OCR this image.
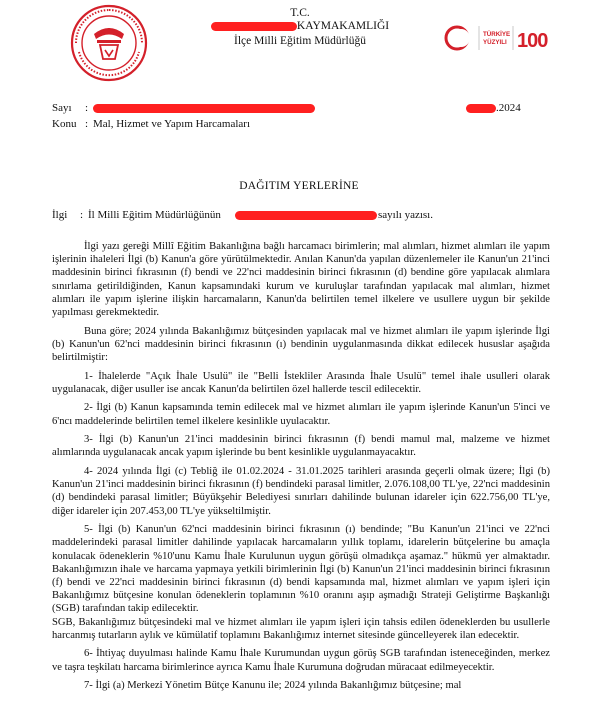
T.C.
KAYMAKAMLIĞI
İlçe Milli Eğitim Müdürlüğü
TÜRKİYE
YÜZYILI 100
Sayı :	.2024
Konu : Mal, Hizmet ve Yapım Harcamaları
DAĞITIM YERLERİNE
İlgi : İl Milli Eğitim Müdürlüğünün	sayılı yazısı.

İlgi yazı gereği Millî Eğitim Bakanlığına bağlı harcamacı birimlerin; mal alımları, hizmet alımları ile yapım işlerinin ihaleleri İlgi (b) Kanun'a göre yürütülmektedir. Anılan Kanun'da yapılan düzenlemeler ile Kanun'un 21'inci maddesinin birinci fıkrasının (f) bendi ve 22'nci maddesinin birinci fıkrasının (d) bendine göre yapılacak alımlara sınırlama getirildiğinden, Kanun kapsamındaki kurum ve kuruluşlar tarafından yapılacak mal alımları, hizmet alımları ile yapım işlerine ilişkin harcamaların, Kanun'da belirtilen temel ilkelere ve usullere uygun bir şekilde yapılması gerekmektedir.

Buna göre; 2024 yılında Bakanlığımız bütçesinden yapılacak mal ve hizmet alımları ile yapım işlerinde İlgi (b) Kanun'un 62'nci maddesinin birinci fıkrasının (ı) bendinin uygulanmasında dikkat edilecek hususlar aşağıda belirtilmiştir:

1- İhalelerde "Açık İhale Usulü" ile "Belli İstekliler Arasında İhale Usulü" temel ihale usulleri olarak uygulanacak, diğer usuller ise ancak Kanun'da belirtilen özel hallerde tescil edilecektir.

2- İlgi (b) Kanun kapsamında temin edilecek mal ve hizmet alımları ile yapım işlerinde Kanun'un 5'inci ve 6'ncı maddelerinde belirtilen temel ilkelere kesinlikle uyulacaktır.

3- İlgi (b) Kanun'un 21'inci maddesinin birinci fıkrasının (f) bendi mamul mal, malzeme ve hizmet alımlarında uygulanacak ancak yapım işlerinde bu bent kesinlikle uygulanmayacaktır.

4- 2024 yılında İlgi (c) Tebliğ ile 01.02.2024 - 31.01.2025 tarihleri arasında geçerli olmak üzere; İlgi (b) Kanun'un 21'inci maddesinin birinci fıkrasının (f) bendindeki parasal limitler, 2.076.108,00 TL'ye, 22'nci maddesinin (d) bendindeki parasal limitler; Büyükşehir Belediyesi sınırları dahilinde bulunan idareler için 622.756,00 TL'ye, diğer idareler için 207.453,00 TL'ye yükseltilmiştir.

5- İlgi (b) Kanun'un 62'nci maddesinin birinci fıkrasının (ı) bendinde; "Bu Kanun'un 21'inci ve 22'nci maddelerindeki parasal limitler dahilinde yapılacak harcamaların yıllık toplamı, idarelerin bütçelerine bu amaçla konulacak ödeneklerin %10'unu Kamu İhale Kurulunun uygun görüşü olmadıkça aşamaz." hükmü yer almaktadır. Bakanlığımızın ihale ve harcama yapmaya yetkili birimlerinin İlgi (b) Kanun'un 21'inci maddesinin birinci fıkrasının (f) bendi ve 22'nci maddesinin birinci fıkrasının (d) bendi kapsamında mal, hizmet alımları ve yapım işleri için Bakanlığımız bütçesine konulan ödeneklerin toplamının %10 oranını aşıp aşmadığı Strateji Geliştirme Başkanlığı (SGB) tarafından takip edilecektir.

SGB, Bakanlığımız bütçesindeki mal ve hizmet alımları ile yapım işleri için tahsis edilen ödeneklerden bu usullerle harcanmış tutarların aylık ve kümülatif toplamını Bakanlığımız internet sitesinde güncelleyerek ilan edecektir.

6- İhtiyaç duyulması halinde Kamu İhale Kurumundan uygun görüş SGB tarafından isteneceğinden, merkez ve taşra teşkilatı harcama birimlerince ayrıca Kamu İhale Kurumuna doğrudan müracaat edilmeyecektir.

7- İlgi (a) Merkezi Yönetim Bütçe Kanunu ile; 2024 yılında Bakanlığımız bütçesine; mal
